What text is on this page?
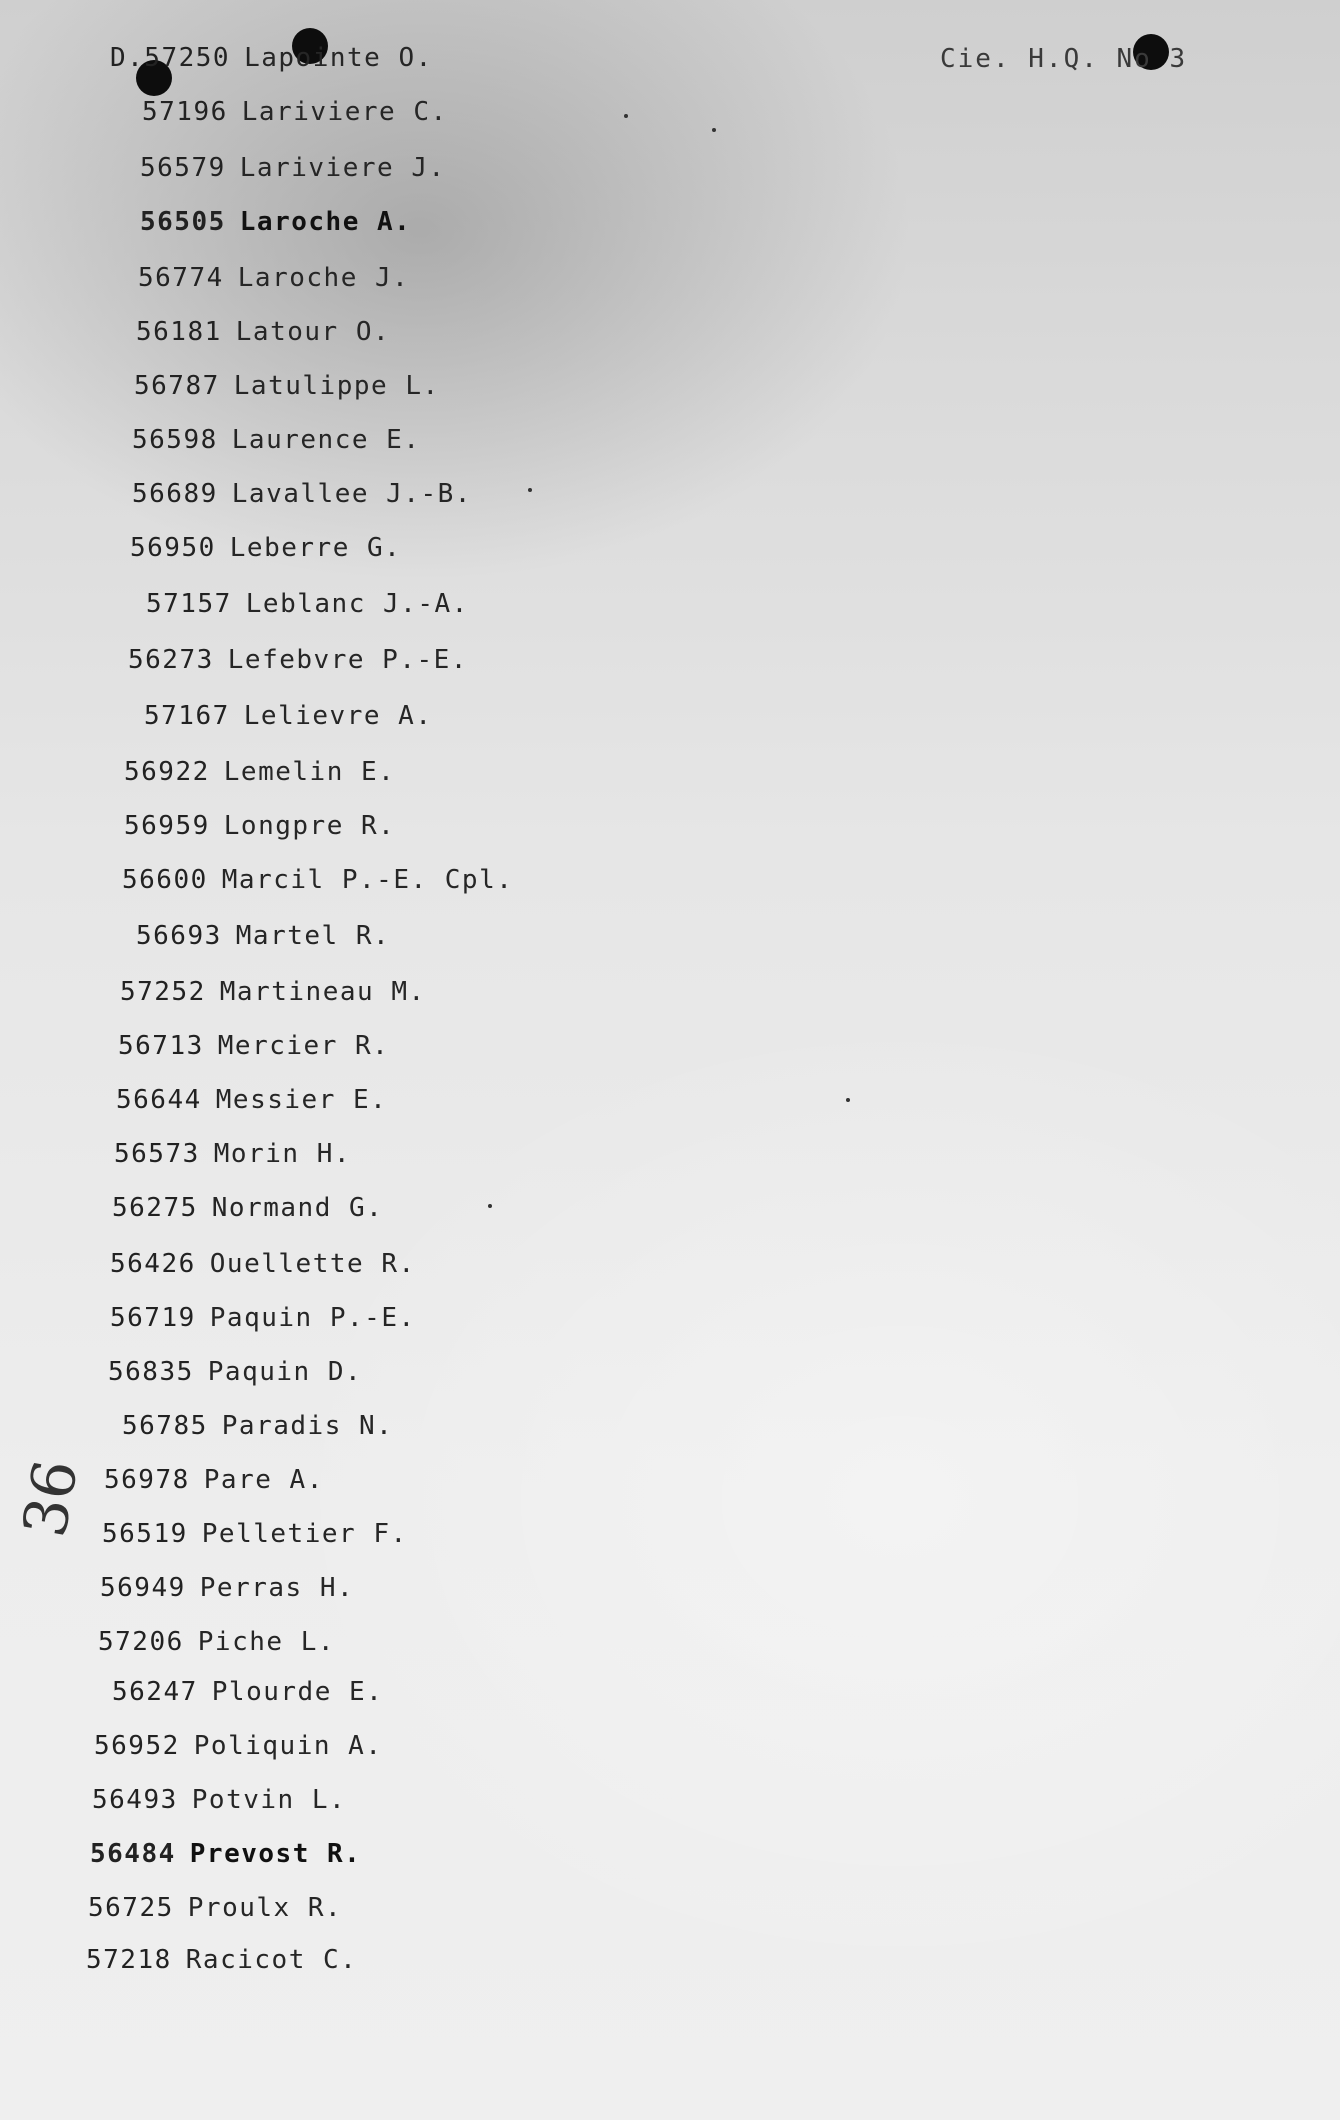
Cie. H.Q. No 3
D.57250 Lapointe O.
57196 Lariviere C.
56579 Lariviere J.
56505 Laroche A.
56774 Laroche J.
56181 Latour O.
56787 Latulippe L.
56598 Laurence E.
56689 Lavallee J.-B.
56950 Leberre G.
57157 Leblanc J.-A.
56273 Lefebvre P.-E.
57167 Lelievre A.
56922 Lemelin E.
56959 Longpre R.
56600 Marcil P.-E. Cpl.
56693 Martel R.
57252 Martineau M.
56713 Mercier R.
56644 Messier E.
56573 Morin H.
56275 Normand G.
56426 Ouellette R.
56719 Paquin P.-E.
56835 Paquin D.
56785 Paradis N.
56978 Pare A.
56519 Pelletier F.
56949 Perras H.
57206 Piche L.
56247 Plourde E.
56952 Poliquin A.
56493 Potvin L.
56484 Prevost R.
56725 Proulx R.
57218 Racicot C.
36
